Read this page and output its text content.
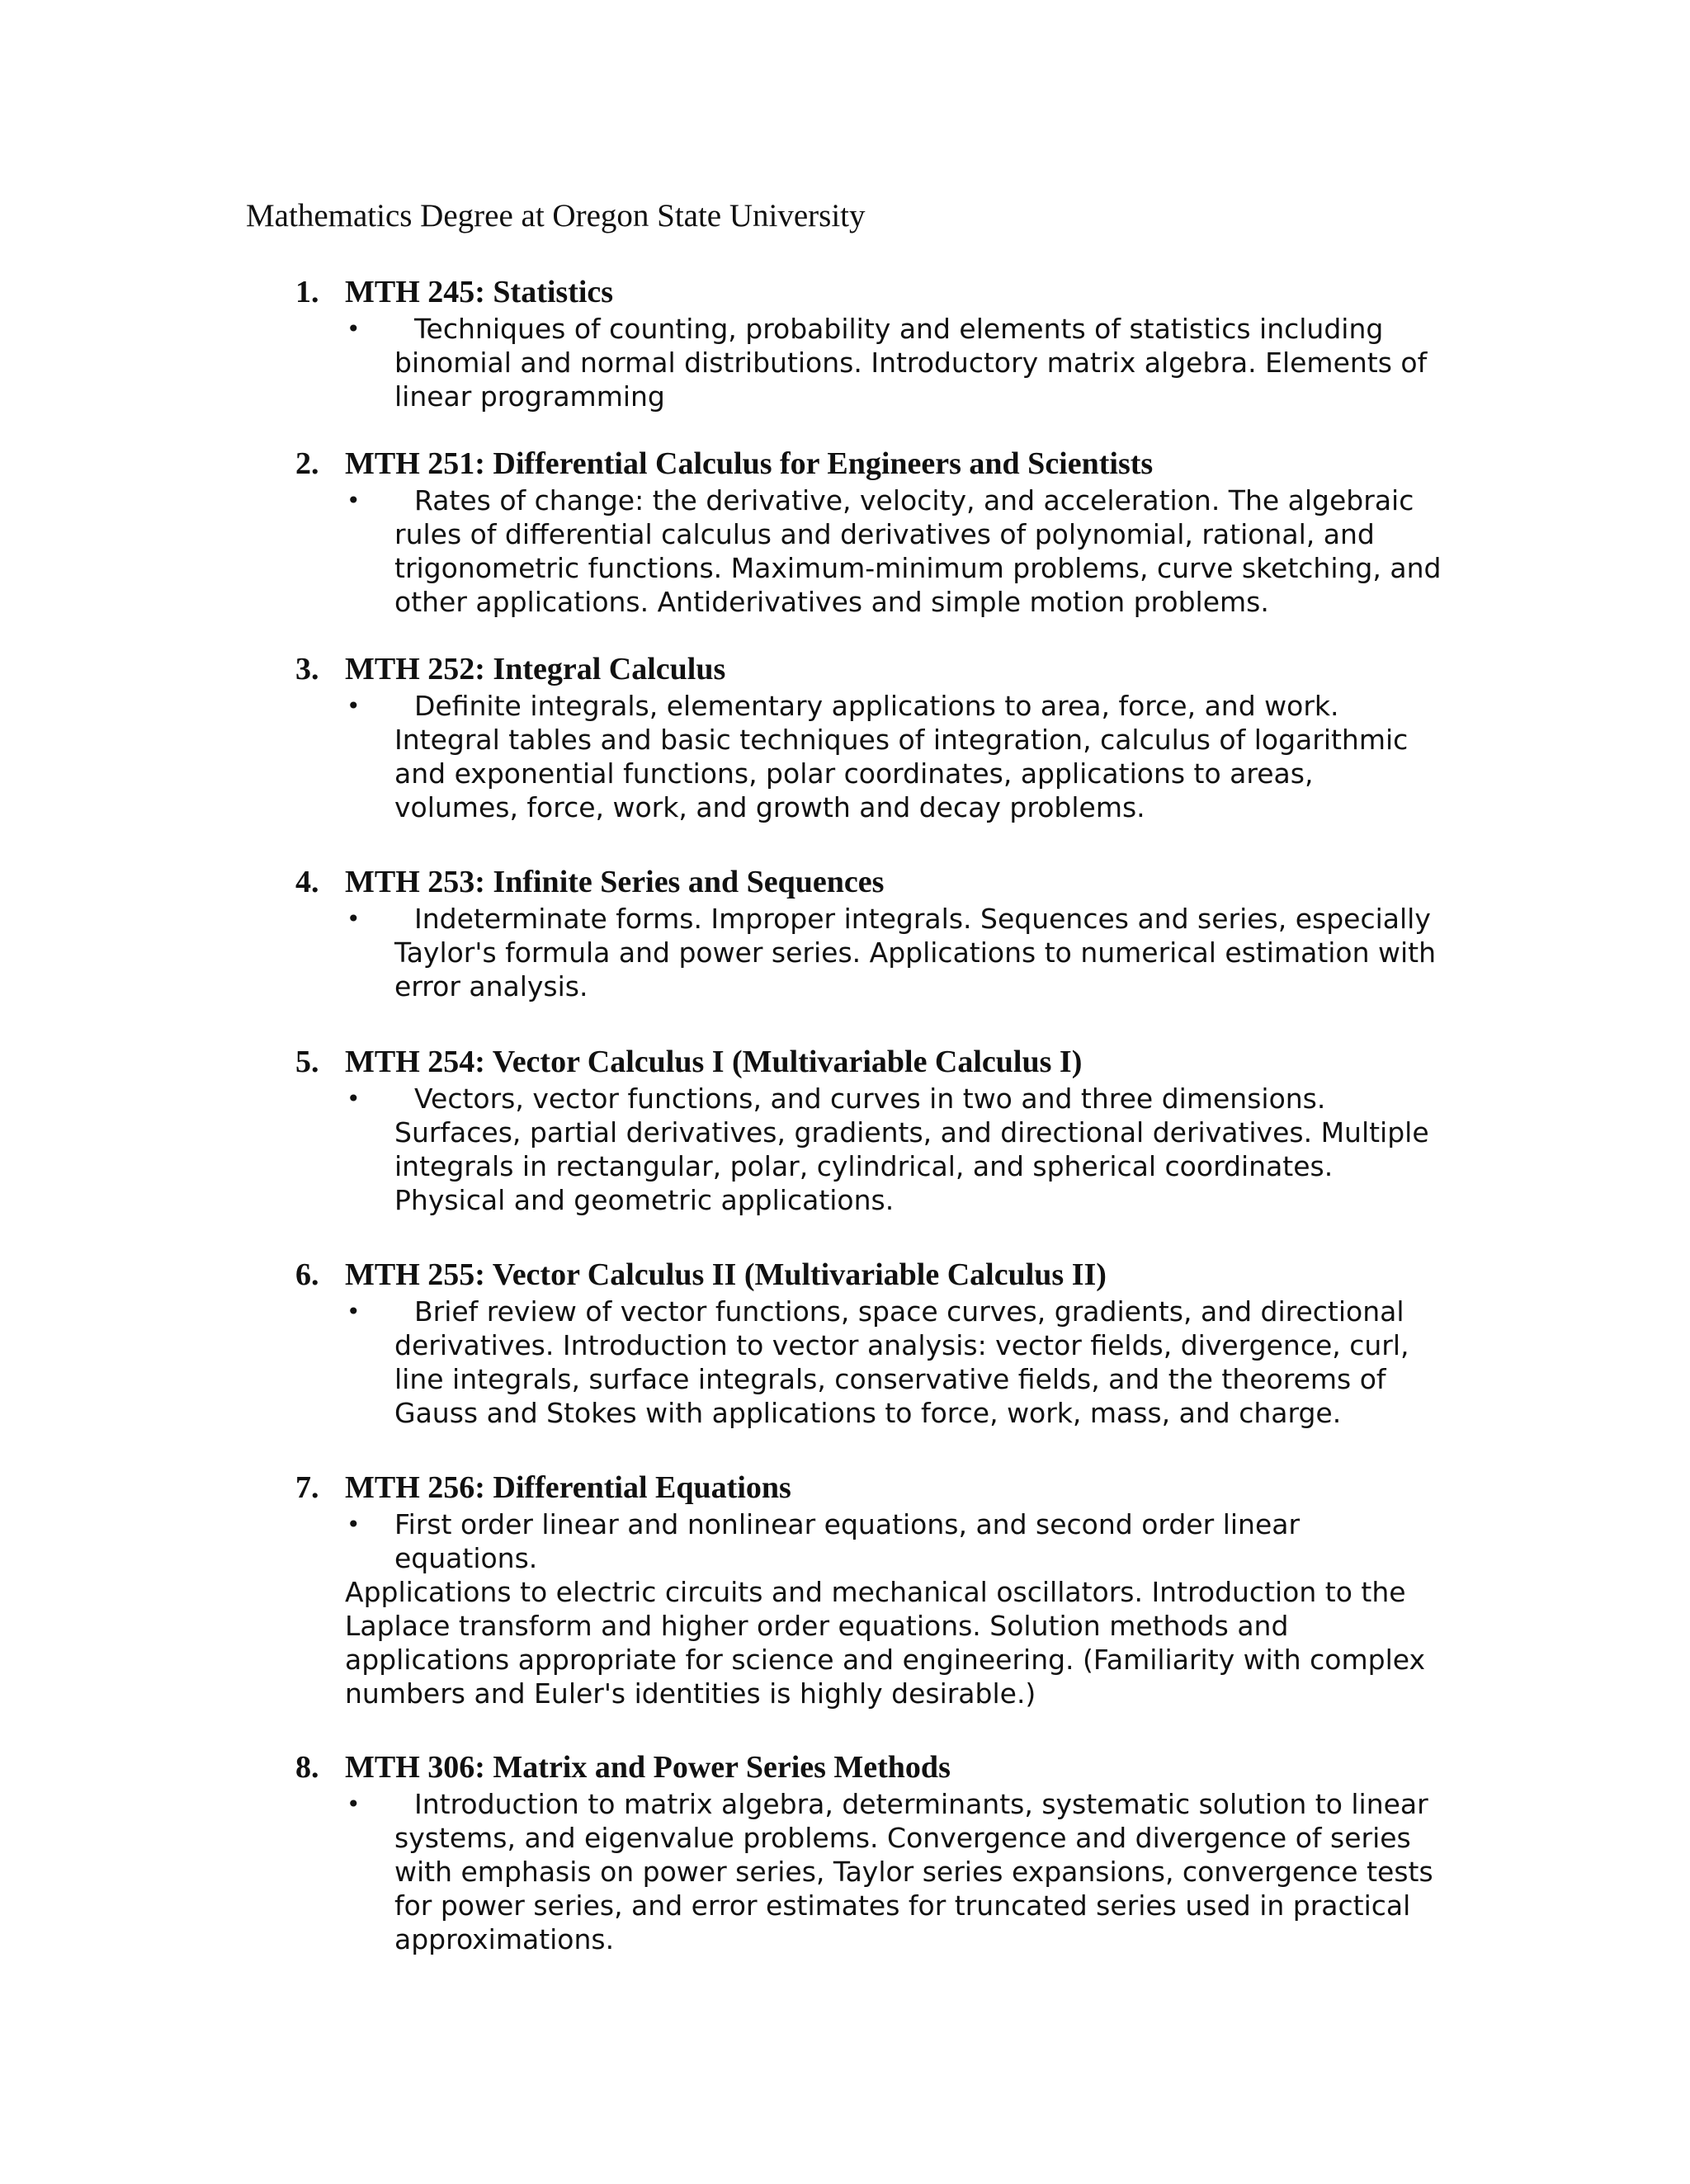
Mathematics Degree at Oregon State University
1. MTH 245: Statistics
•	Techniques of counting, probability and elements of statistics including binomial and normal distributions. Introductory matrix algebra. Elements of linear programming

2. MTH 251: Differential Calculus for Engineers and Scientists
•	Rates of change: the derivative, velocity, and acceleration. The algebraic rules of differential calculus and derivatives of polynomial, rational, and trigonometric functions. Maximum-minimum problems, curve sketching, and other applications. Antiderivatives and simple motion problems.

3. MTH 252: Integral Calculus
•	Definite integrals, elementary applications to area, force, and work. Integral tables and basic techniques of integration, calculus of logarithmic and exponential functions, polar coordinates, applications to areas, volumes, force, work, and growth and decay problems.

4. MTH 253: Infinite Series and Sequences
•	Indeterminate forms. Improper integrals. Sequences and series, especially Taylor's formula and power series. Applications to numerical estimation with error analysis.

5. MTH 254: Vector Calculus I (Multivariable Calculus I)
•	Vectors, vector functions, and curves in two and three dimensions. Surfaces, partial derivatives, gradients, and directional derivatives. Multiple integrals in rectangular, polar, cylindrical, and spherical coordinates. Physical and geometric applications.

6. MTH 255: Vector Calculus II (Multivariable Calculus II)
•	Brief review of vector functions, space curves, gradients, and directional derivatives. Introduction to vector analysis: vector fields, divergence, curl, line integrals, surface integrals, conservative fields, and the theorems of Gauss and Stokes with applications to force, work, mass, and charge.

7. MTH 256: Differential Equations
• First order linear and nonlinear equations, and second order linear equations.

Applications to electric circuits and mechanical oscillators. Introduction to the Laplace transform and higher order equations. Solution methods and applications appropriate for science and engineering. (Familiarity with complex numbers and Euler's identities is highly desirable.)

8. MTH 306: Matrix and Power Series Methods
•	Introduction to matrix algebra, determinants, systematic solution to linear systems, and eigenvalue problems. Convergence and divergence of series with emphasis on power series, Taylor series expansions, convergence tests for power series, and error estimates for truncated series used in practical approximations.
